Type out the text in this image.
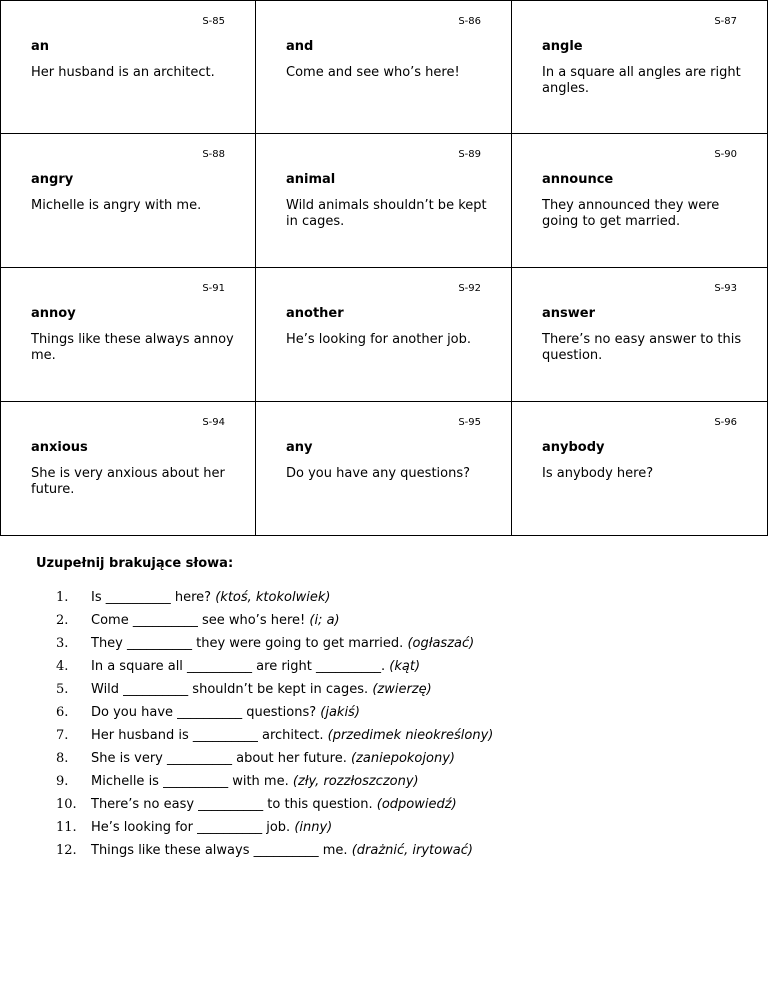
S-85
an
Her husband is an architect.
S-86
and
Come and see who’s here!
S-87
angle
In a square all angles are right angles.
S-88
angry
Michelle is angry with me.
S-89
animal
Wild animals shouldn’t be kept in cages.
S-90
announce
They announced they were going to get married.
S-91
annoy
Things like these always annoy me.
S-92
another
He’s looking for another job.
S-93
answer
There’s no easy answer to this question.
S-94
anxious
She is very anxious about her future.
S-95
any
Do you have any questions?
S-96
anybody
Is anybody here?
Uzupełnij brakujące słowa:
1. Is __________ here? (ktoś, ktokolwiek)
2. Come __________ see who’s here! (i; a)
3. They __________ they were going to get married. (ogłaszać)
4. In a square all __________ are right __________. (kąt)
5. Wild __________ shouldn’t be kept in cages. (zwierzę)
6. Do you have __________ questions? (jakiś)
7. Her husband is __________ architect. (przedimek nieokreślony)
8. She is very __________ about her future. (zaniepokojony)
9. Michelle is __________ with me. (zły, rozzłoszczony)
10. There’s no easy __________ to this question. (odpowiedź)
11. He’s looking for __________ job. (inny)
12. Things like these always __________ me. (drażnić, irytować)
